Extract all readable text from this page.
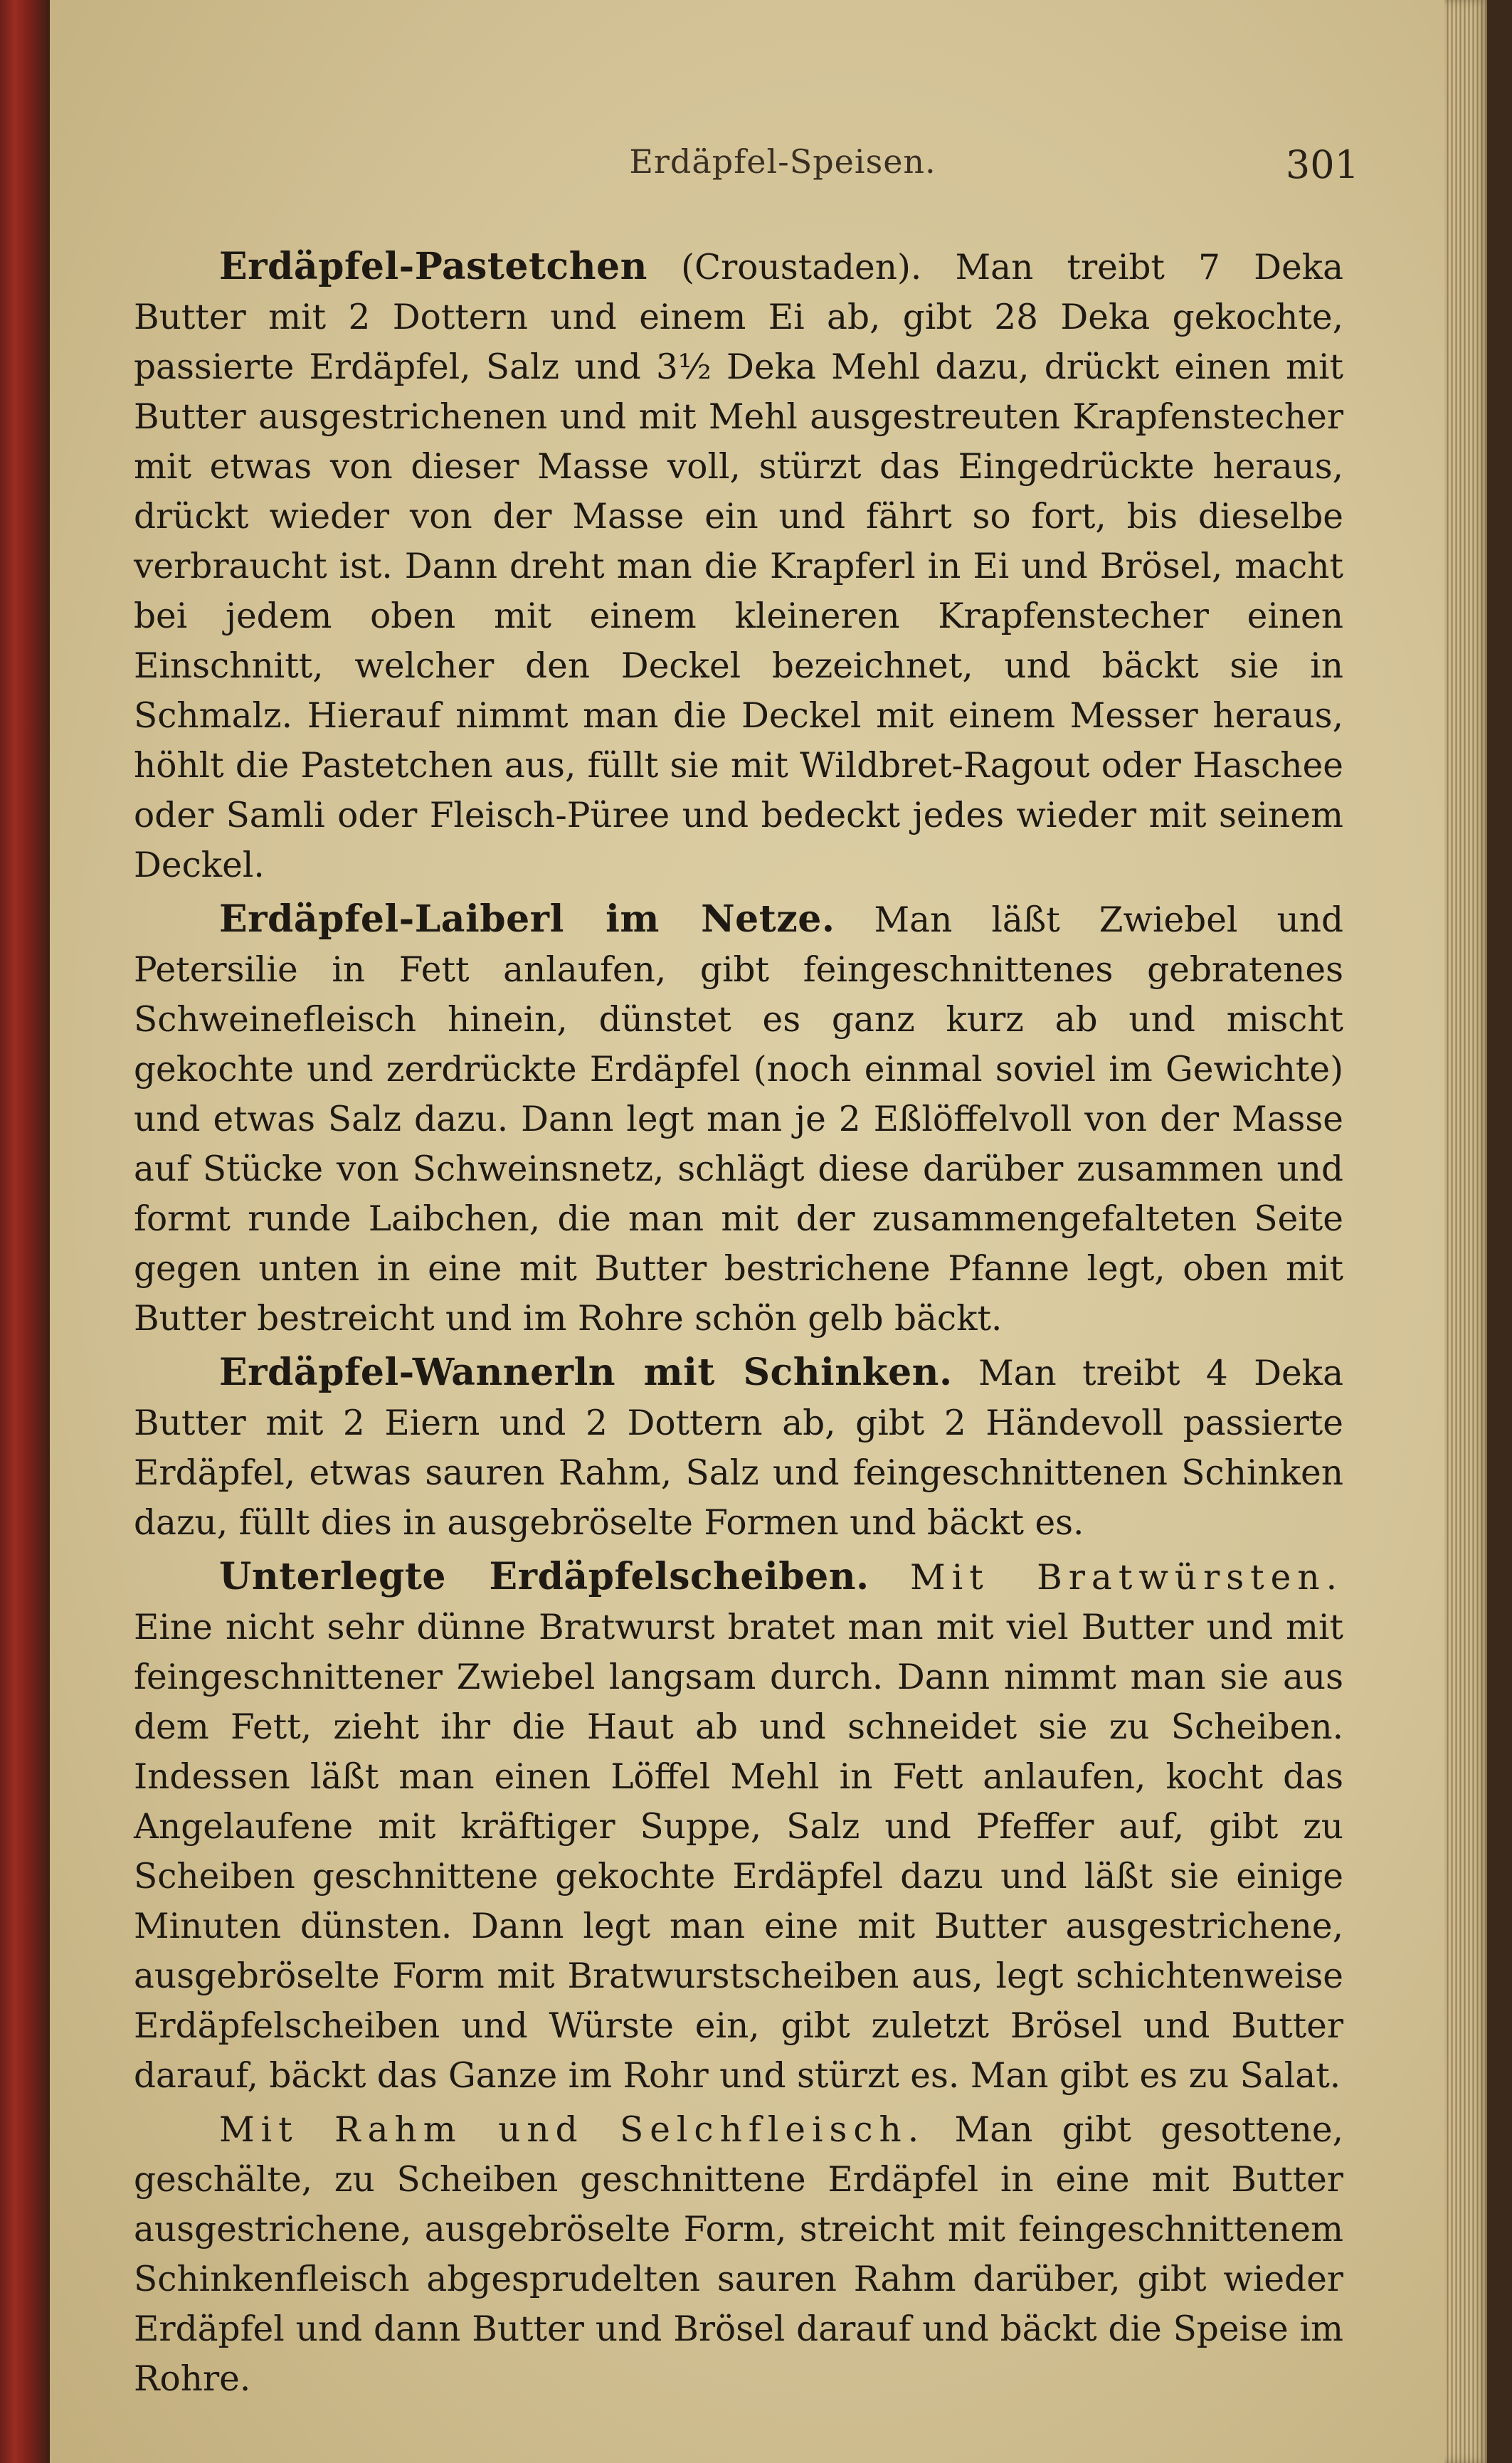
Erdäpfel-Speisen.	301

Erdäpfel-Pastetchen (Croustaden). Man treibt 7 Deka Butter mit 2 Dottern und einem Ei ab, gibt 28 Deka gekochte, passierte Erdäpfel, Salz und 3½ Deka Mehl dazu, drückt einen mit Butter ausgestrichenen und mit Mehl ausgestreuten Krapfenstecher mit etwas von dieser Masse voll, stürzt das Eingedrückte heraus, drückt wieder von der Masse ein und fährt so fort, bis dieselbe verbraucht ist. Dann dreht man die Krapferl in Ei und Brösel, macht bei jedem oben mit einem kleineren Krapfenstecher einen Einschnitt, welcher den Deckel bezeichnet, und bäckt sie in Schmalz. Hierauf nimmt man die Deckel mit einem Messer heraus, höhlt die Pastetchen aus, füllt sie mit Wildbret-Ragout oder Haschee oder Samli oder Fleisch-Püree und bedeckt jedes wieder mit seinem Deckel.

Erdäpfel-Laiberl im Netze. Man läßt Zwiebel und Petersilie in Fett anlaufen, gibt feingeschnittenes gebratenes Schweinefleisch hinein, dünstet es ganz kurz ab und mischt gekochte und zerdrückte Erdäpfel (noch einmal soviel im Gewichte) und etwas Salz dazu. Dann legt man je 2 Eßlöffelvoll von der Masse auf Stücke von Schweinsnetz, schlägt diese darüber zusammen und formt runde Laibchen, die man mit der zusammengefalteten Seite gegen unten in eine mit Butter bestrichene Pfanne legt, oben mit Butter bestreicht und im Rohre schön gelb bäckt.

Erdäpfel-Wannerln mit Schinken. Man treibt 4 Deka Butter mit 2 Eiern und 2 Dottern ab, gibt 2 Händevoll passierte Erdäpfel, etwas sauren Rahm, Salz und feingeschnittenen Schinken dazu, füllt dies in ausgebröselte Formen und bäckt es.

Unterlegte Erdäpfelscheiben. Mit Bratwürsten. Eine nicht sehr dünne Bratwurst bratet man mit viel Butter und mit feingeschnittener Zwiebel langsam durch. Dann nimmt man sie aus dem Fett, zieht ihr die Haut ab und schneidet sie zu Scheiben. Indessen läßt man einen Löffel Mehl in Fett anlaufen, kocht das Angelaufene mit kräftiger Suppe, Salz und Pfeffer auf, gibt zu Scheiben geschnittene gekochte Erdäpfel dazu und läßt sie einige Minuten dünsten. Dann legt man eine mit Butter ausgestrichene, ausgebröselte Form mit Bratwurstscheiben aus, legt schichtenweise Erdäpfelscheiben und Würste ein, gibt zuletzt Brösel und Butter darauf, bäckt das Ganze im Rohr und stürzt es. Man gibt es zu Salat.

Mit Rahm und Selchfleisch. Man gibt gesottene, geschälte, zu Scheiben geschnittene Erdäpfel in eine mit Butter ausgestrichene, ausgebröselte Form, streicht mit feingeschnittenem Schinkenfleisch abgesprudelten sauren Rahm darüber, gibt wieder Erdäpfel und dann Butter und Brösel darauf und bäckt die Speise im Rohre.
